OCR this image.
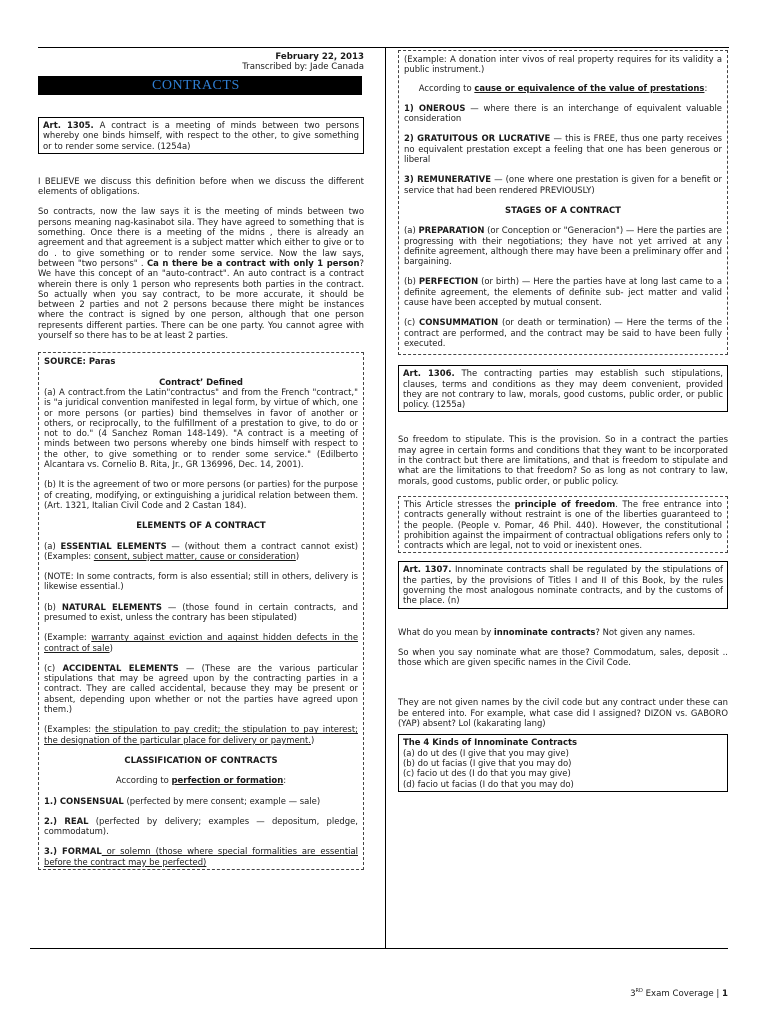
CONTRACTS
February 22, 2013
Transcribed by: Jade Canada
Art. 1305. A contract is a meeting of minds between two persons whereby one binds himself, with respect to the other, to give something or to render some service. (1254a)

I BELIEVE we discuss this definition before when we discuss the different elements of obligations.

So contracts, now the law says it is the meeting of minds between two persons meaning nag-kasinabot sila. They have agreed to something that is something. Once there is a meeting of the midns , there is already an agreement and that agreement is a subject matter which either to give or to do . to give something or to render some service. Now the law says, between "two persons" . Ca n there be a contract with only 1 person? We have this concept of an "auto-contract". An auto contract is a contract wherein there is only 1 person who represents both parties in the contract. So actually when you say contract, to be more accurate, it should be between 2 parties and not 2 persons because there might be instances where the contract is signed by one person, although that one person represents different parties. There can be one party. You cannot agree with yourself so there has to be at least 2 parties.

SOURCE: Paras

Contract’ Defined

(a) A contract.from the Latin"contractus" and from the French "contract," is "a juridical convention manifested in legal form, by virtue of which, one or more persons (or parties) bind themselves in favor of another or others, or reciprocally, to the fulfillment of a prestation to give, to do or not to do." (4 Sanchez Roman 148-149). "A contract is a meeting of minds between two persons whereby one binds himself with respect to the other, to give something or to render some service." (Edilberto Alcantara vs. Cornelio B. Rita, Jr., GR 136996, Dec. 14, 2001).

(b) It is the agreement of two or more persons (or parties) for the purpose of creating, modifying, or extinguishing a juridical relation between them. (Art. 1321, Italian Civil Code and 2 Castan 184).

ELEMENTS OF A CONTRACT

(a) ESSENTIAL ELEMENTS — (without them a contract cannot exist) (Examples: consent, subject matter, cause or consideration)

(NOTE: In some contracts, form is also essential; still in others, delivery is likewise essential.)

(b) NATURAL ELEMENTS — (those found in certain contracts, and presumed to exist, unless the contrary has been stipulated)

(Example: warranty against eviction and against hidden defects in the contract of sale)

(c) ACCIDENTAL ELEMENTS — (These are the various particular stipulations that may be agreed upon by the contracting parties in a contract. They are called accidental, because they may be present or absent, depending upon whether or not the parties have agreed upon them.)

(Examples: the stipulation to pay credit; the stipulation to pay interest; the designation of the particular place for delivery or payment.)

CLASSIFICATION OF CONTRACTS

According to perfection or formation:

1.) CONSENSUAL (perfected by mere consent; example — sale)

2.) REAL (perfected by delivery; examples — depositum, pledge, commodatum).

3.) FORMAL or solemn (those where special formalities are essential before the contract may be perfected)

(Example: A donation inter vivos of real property requires for its validity a public instrument.)

According to cause or equivalence of the value of prestations:

1) ONEROUS — where there is an interchange of equivalent valuable consideration

2) GRATUITOUS OR LUCRATIVE — this is FREE, thus one party receives no equivalent prestation except a feeling that one has been generous or liberal

3) REMUNERATIVE — (one where one prestation is given for a benefit or service that had been rendered PREVIOUSLY)

STAGES OF A CONTRACT

(a) PREPARATION (or Conception or "Generacion") — Here the parties are progressing with their negotiations; they have not yet arrived at any definite agreement, although there may have been a preliminary offer and bargaining.

(b) PERFECTION (or birth) — Here the parties have at long last came to a definite agreement, the elements of definite sub- ject matter and valid cause have been accepted by mutual consent.

(c) CONSUMMATION (or death or termination) — Here the terms of the contract are performed, and the contract may be said to have been fully executed.

Art. 1306. The contracting parties may establish such stipulations, clauses, terms and conditions as they may deem convenient, provided they are not contrary to law, morals, good customs, public order, or public policy. (1255a)

So freedom to stipulate. This is the provision. So in a contract the parties may agree in certain forms and conditions that they want to be incorporated in the contract but there are limitations, and that is freedom to stipulate and what are the limitations to that freedom? So as long as not contrary to law, morals, good customs, public order, or public policy.

This Article stresses the principle of freedom. The free entrance into contracts generally without restraint is one of the liberties guaranteed to the people. (People v. Pomar, 46 Phil. 440). However, the constitutional prohibition against the impairment of contractual obligations refers only to contracts which are legal, not to void or inexistent ones.
Art. 1307. Innominate contracts shall be regulated by the stipulations of the parties, by the provisions of Titles I and II of this Book, by the rules governing the most analogous nominate contracts, and by the customs of the place. (n)

What do you mean by innominate contracts? Not given any names.

So when you say nominate what are those? Commodatum, sales, deposit .. those which are given specific names in the Civil Code.

They are not given names by the civil code but any contract under these can be entered into. For example, what case did I assigned? DIZON vs. GABORO (YAP) absent? Lol (kakarating lang)

The 4 Kinds of Innominate Contracts
(a) do ut des (I give that you may give)
(b) do ut facias (I give that you may do)
(c) facio ut des (I do that you may give)
(d) facio ut facias (I do that you may do)
3RD Exam Coverage | 1
